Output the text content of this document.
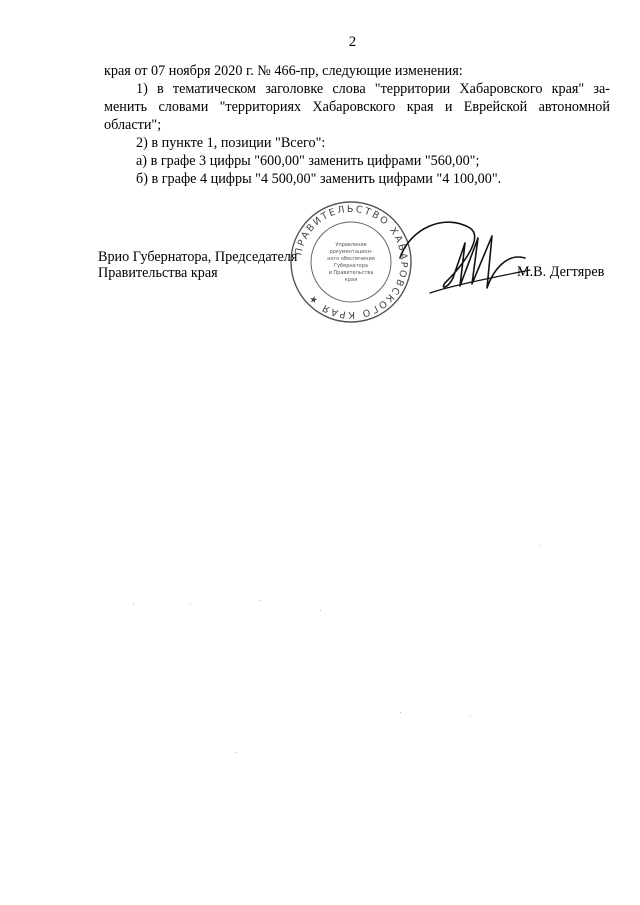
2
края от 07 ноября 2020 г. № 466-пр, следующие изменения:
1) в тематическом заголовке слова "территории Хабаровского края" за-
менить словами "территориях Хабаровского края и Еврейской автономной
области";
2) в пункте 1, позиции "Всего":
а) в графе 3 цифры "600,00" заменить цифрами "560,00";
б) в графе 4 цифры "4 500,00" заменить цифрами "4 100,00".
ПРАВИТЕЛЬСТВО ХАБАРОВСКОГО КРАЯ ★
Управление
документацион-
ного обеспечения
Губернатора
и Правительства
края
Врио Губернатора, Председателя
Правительства края	М.В. Дегтярев
